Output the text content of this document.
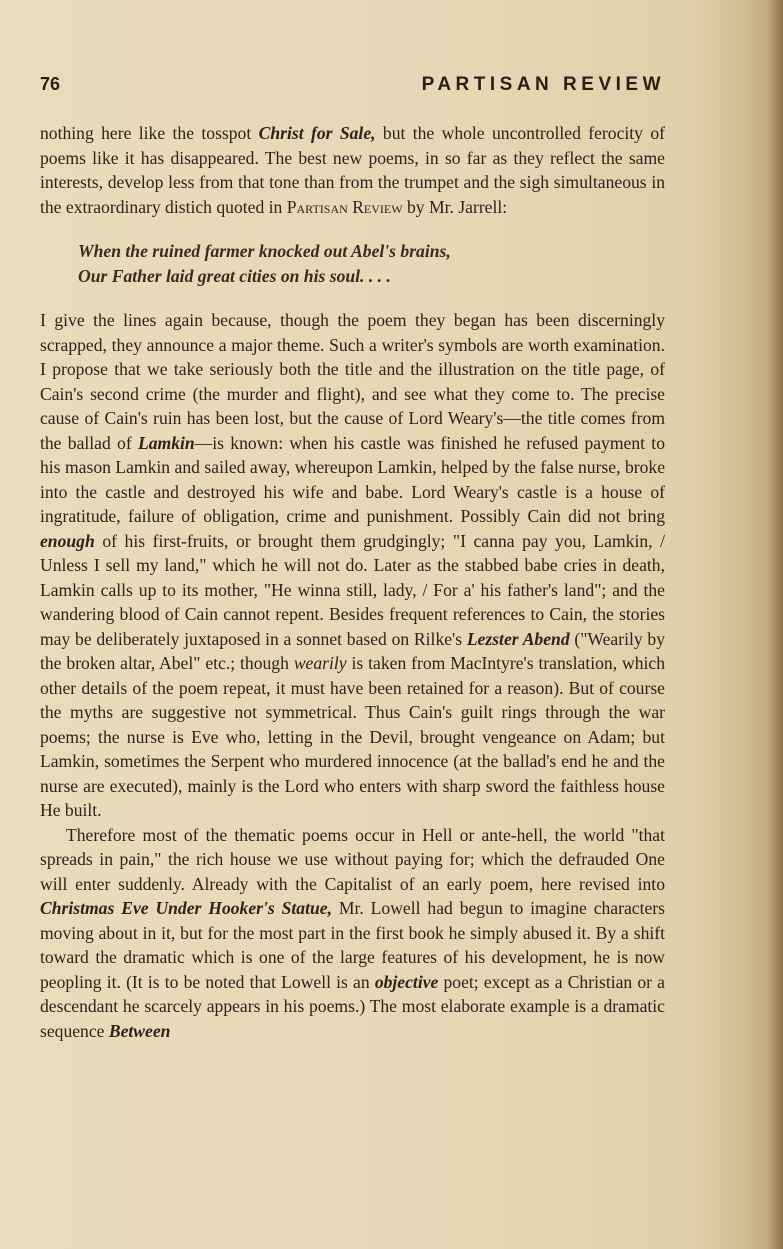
76	PARTISAN REVIEW

nothing here like the tosspot Christ for Sale, but the whole uncontrolled ferocity of poems like it has disappeared. The best new poems, in so far as they reflect the same interests, develop less from that tone than from the trumpet and the sigh simultaneous in the extraordinary distich quoted in Partisan Review by Mr. Jarrell:

When the ruined farmer knocked out Abel's brains,
Our Father laid great cities on his soul. . . .

I give the lines again because, though the poem they began has been discerningly scrapped, they announce a major theme. Such a writer's symbols are worth examination. I propose that we take seriously both the title and the illustration on the title page, of Cain's second crime (the murder and flight), and see what they come to. The precise cause of Cain's ruin has been lost, but the cause of Lord Weary's—the title comes from the ballad of Lamkin—is known: when his castle was finished he refused payment to his mason Lamkin and sailed away, whereupon Lamkin, helped by the false nurse, broke into the castle and destroyed his wife and babe. Lord Weary's castle is a house of ingratitude, failure of obligation, crime and punishment. Possibly Cain did not bring enough of his first-fruits, or brought them grudgingly; "I canna pay you, Lamkin, / Unless I sell my land," which he will not do. Later as the stabbed babe cries in death, Lamkin calls up to its mother, "He winna still, lady, / For a' his father's land"; and the wandering blood of Cain cannot repent. Besides frequent references to Cain, the stories may be deliberately juxtaposed in a sonnet based on Rilke's Lezster Abend ("Wearily by the broken altar, Abel" etc.; though wearily is taken from MacIntyre's translation, which other details of the poem repeat, it must have been retained for a reason). But of course the myths are suggestive not symmetrical. Thus Cain's guilt rings through the war poems; the nurse is Eve who, letting in the Devil, brought vengeance on Adam; but Lamkin, sometimes the Serpent who murdered innocence (at the ballad's end he and the nurse are executed), mainly is the Lord who enters with sharp sword the faithless house He built.

Therefore most of the thematic poems occur in Hell or ante-hell, the world "that spreads in pain," the rich house we use without paying for; which the defrauded One will enter suddenly. Already with the Capitalist of an early poem, here revised into Christmas Eve Under Hooker's Statue, Mr. Lowell had begun to imagine characters moving about in it, but for the most part in the first book he simply abused it. By a shift toward the dramatic which is one of the large features of his development, he is now peopling it. (It is to be noted that Lowell is an objective poet; except as a Christian or a descendant he scarcely appears in his poems.) The most elaborate example is a dramatic sequence Between
